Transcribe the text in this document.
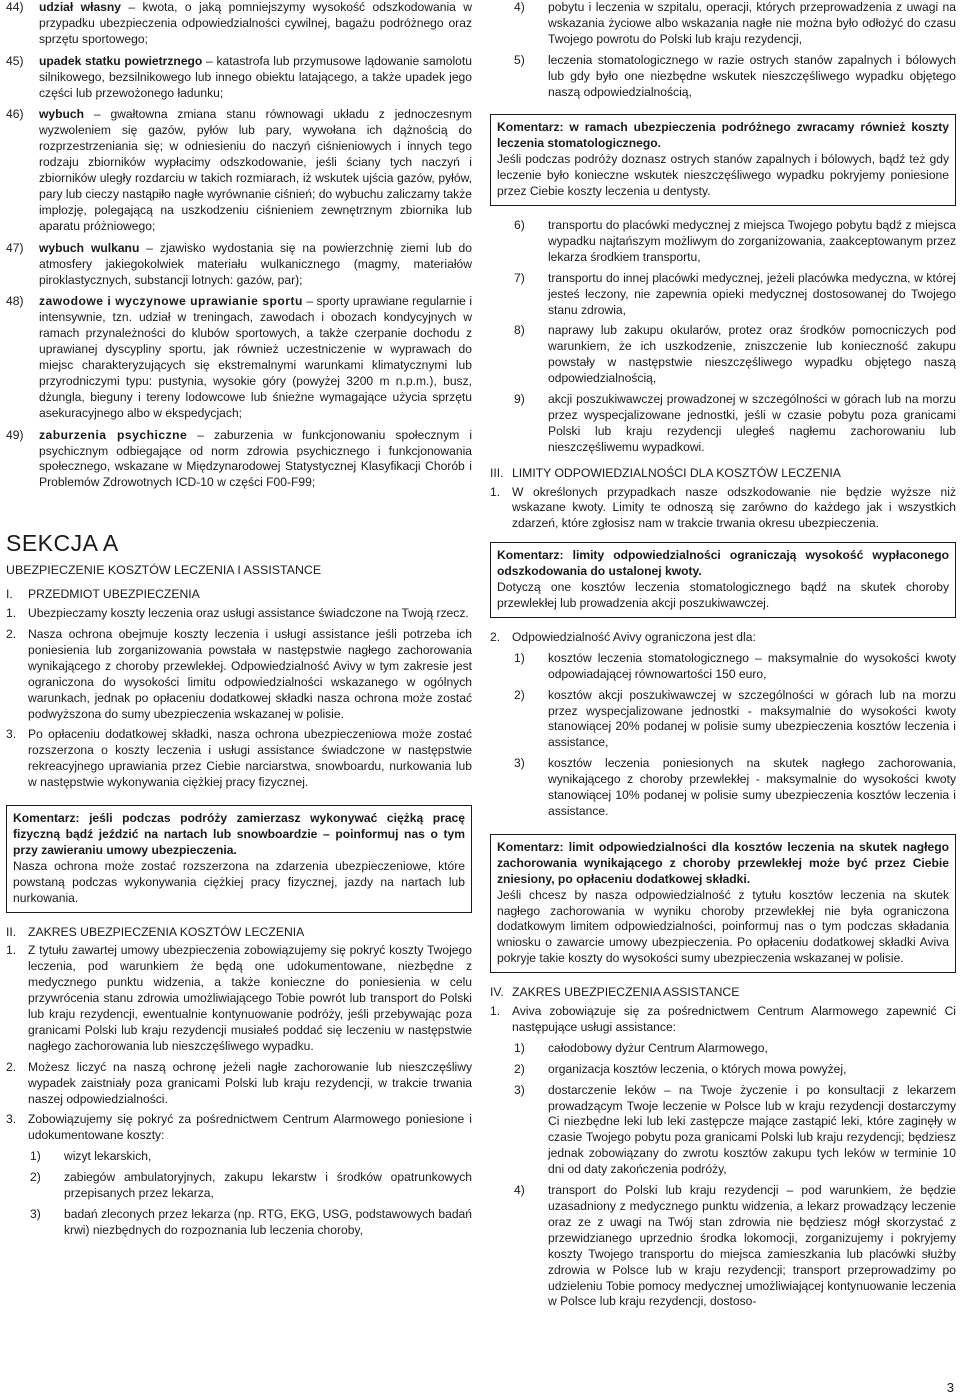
44) udział własny – kwota, o jaką pomniejszymy wysokość odszkodowania w przypadku ubezpieczenia odpowiedzialności cywilnej, bagażu podróżnego oraz sprzętu sportowego;

45) upadek statku powietrznego – katastrofa lub przymusowe lądowanie samolotu silnikowego, bezsilnikowego lub innego obiektu latającego, a także upadek jego części lub przewożonego ładunku;

46) wybuch – gwałtowna zmiana stanu równowagi układu z jednoczesnym wyzwoleniem się gazów, pyłów lub pary, wywołana ich dążnością do rozprzestrzeniania się; w odniesieniu do naczyń ciśnieniowych i innych tego rodzaju zbiorników wypłacimy odszkodowanie, jeśli ściany tych naczyń i zbiorników uległy rozdarciu w takich rozmiarach, iż wskutek ujścia gazów, pyłów, pary lub cieczy nastąpiło nagłe wyrównanie ciśnień; do wybuchu zaliczamy także implozję, polegającą na uszkodzeniu ciśnieniem zewnętrznym zbiornika lub aparatu próżniowego;

47) wybuch wulkanu – zjawisko wydostania się na powierzchnię ziemi lub do atmosfery jakiegokolwiek materiału wulkanicznego (magmy, materiałów piroklastycznych, substancji lotnych: gazów, par);

48) zawodowe i wyczynowe uprawianie sportu – sporty uprawiane regularnie i intensywnie, tzn. udział w treningach, zawodach i obozach kondycyjnych w ramach przynależności do klubów sportowych, a także czerpanie dochodu z uprawianej dyscypliny sportu, jak również uczestniczenie w wyprawach do miejsc charakteryzujących się ekstremalnymi warunkami klimatycznymi lub przyrodniczymi typu: pustynia, wysokie góry (powyżej 3200 m n.p.m.), busz, dżungla, bieguny i tereny lodowcowe lub śnieżne wymagające użycia sprzętu asekuracyjnego albo w ekspedycjach;

49) zaburzenia psychiczne – zaburzenia w funkcjonowaniu społecznym i psychicznym odbiegające od norm zdrowia psychicznego i funkcjonowania społecznego, wskazane w Międzynarodowej Statystycznej Klasyfikacji Chorób i Problemów Zdrowotnych ICD-10 w części F00-F99;

SEKCJA A
UBEZPIECZENIE KOSZTÓW LECZENIA I ASSISTANCE
I. PRZEDMIOT UBEZPIECZENIA
1. Ubezpieczamy koszty leczenia oraz usługi assistance świadczone na Twoją rzecz.

2. Nasza ochrona obejmuje koszty leczenia i usługi assistance jeśli potrzeba ich poniesienia lub zorganizowania powstała w następstwie nagłego zachorowania wynikającego z choroby przewlekłej. Odpowiedzialność Avivy w tym zakresie jest ograniczona do wysokości limitu odpowiedzialności wskazanego w ogólnych warunkach, jednak po opłaceniu dodatkowej składki nasza ochrona może zostać podwyższona do sumy ubezpieczenia wskazanej w polisie.

3. Po opłaceniu dodatkowej składki, nasza ochrona ubezpieczeniowa może zostać rozszerzona o koszty leczenia i usługi assistance świadczone w następstwie rekreacyjnego uprawiania przez Ciebie narciarstwa, snowboardu, nurkowania lub w następstwie wykonywania ciężkiej pracy fizycznej.

Komentarz: jeśli podczas podróży zamierzasz wykonywać ciężką pracę fizyczną bądź jeździć na nartach lub snowboardzie – poinformuj nas o tym przy zawieraniu umowy ubezpieczenia.

Nasza ochrona może zostać rozszerzona na zdarzenia ubezpieczeniowe, które powstaną podczas wykonywania ciężkiej pracy fizycznej, jazdy na nartach lub nurkowania.

II. ZAKRES UBEZPIECZENIA KOSZTÓW LECZENIA
1. Z tytułu zawartej umowy ubezpieczenia zobowiązujemy się pokryć koszty Twojego leczenia, pod warunkiem że będą one udokumentowane, niezbędne z medycznego punktu widzenia, a także konieczne do poniesienia w celu przywrócenia stanu zdrowia umożliwiającego Tobie powrót lub transport do Polski lub kraju rezydencji, ewentualnie kontynuowanie podróży, jeśli przebywając poza granicami Polski lub kraju rezydencji musiałeś poddać się leczeniu w następstwie nagłego zachorowania lub nieszczęśliwego wypadku.

2. Możesz liczyć na naszą ochronę jeżeli nagłe zachorowanie lub nieszczęśliwy wypadek zaistniały poza granicami Polski lub kraju rezydencji, w trakcie trwania naszej odpowiedzialności.

3. Zobowiązujemy się pokryć za pośrednictwem Centrum Alarmowego poniesione i udokumentowane koszty:

1) wizyt lekarskich,

2) zabiegów ambulatoryjnych, zakupu lekarstw i środków opatrunkowych przepisanych przez lekarza,

3) badań zleconych przez lekarza (np. RTG, EKG, USG, podstawowych badań krwi) niezbędnych do rozpoznania lub leczenia choroby,

4) pobytu i leczenia w szpitalu, operacji, których przeprowadzenia z uwagi na wskazania życiowe albo wskazania nagłe nie można było odłożyć do czasu Twojego powrotu do Polski lub kraju rezydencji,

5) leczenia stomatologicznego w razie ostrych stanów zapalnych i bólowych lub gdy było one niezbędne wskutek nieszczęśliwego wypadku objętego naszą odpowiedzialnością,

Komentarz: w ramach ubezpieczenia podróżnego zwracamy również koszty leczenia stomatologicznego.

Jeśli podczas podróży doznasz ostrych stanów zapalnych i bólowych, bądź też gdy leczenie było konieczne wskutek nieszczęśliwego wypadku pokryjemy poniesione przez Ciebie koszty leczenia u dentysty.

6) transportu do placówki medycznej z miejsca Twojego pobytu bądź z miejsca wypadku najtańszym możliwym do zorganizowania, zaakceptowanym przez lekarza środkiem transportu,

7) transportu do innej placówki medycznej, jeżeli placówka medyczna, w której jesteś leczony, nie zapewnia opieki medycznej dostosowanej do Twojego stanu zdrowia,

8) naprawy lub zakupu okularów, protez oraz środków pomocniczych pod warunkiem, że ich uszkodzenie, zniszczenie lub konieczność zakupu powstały w następstwie nieszczęśliwego wypadku objętego naszą odpowiedzialnością,

9) akcji poszukiwawczej prowadzonej w szczególności w górach lub na morzu przez wyspecjalizowane jednostki, jeśli w czasie pobytu poza granicami Polski lub kraju rezydencji uległeś nagłemu zachorowaniu lub nieszczęśliwemu wypadkowi.

III. LIMITY ODPOWIEDZIALNOŚCI DLA KOSZTÓW LECZENIA
1. W określonych przypadkach nasze odszkodowanie nie będzie wyższe niż wskazane kwoty. Limity te odnoszą się zarówno do każdego jak i wszystkich zdarzeń, które zgłosisz nam w trakcie trwania okresu ubezpieczenia.

Komentarz: limity odpowiedzialności ograniczają wysokość wypłaconego odszkodowania do ustalonej kwoty.

Dotyczą one kosztów leczenia stomatologicznego bądź na skutek choroby przewlekłej lub prowadzenia akcji poszukiwawczej.

2. Odpowiedzialność Avivy ograniczona jest dla:

1) kosztów leczenia stomatologicznego – maksymalnie do wysokości kwoty odpowiadającej równowartości 150 euro,

2) kosztów akcji poszukiwawczej w szczególności w górach lub na morzu przez wyspecjalizowane jednostki - maksymalnie do wysokości kwoty stanowiącej 20% podanej w polisie sumy ubezpieczenia kosztów leczenia i assistance,

3) kosztów leczenia poniesionych na skutek nagłego zachorowania, wynikającego z choroby przewlekłej - maksymalnie do wysokości kwoty stanowiącej 10% podanej w polisie sumy ubezpieczenia kosztów leczenia i assistance.

Komentarz: limit odpowiedzialności dla kosztów leczenia na skutek nagłego zachorowania wynikającego z choroby przewlekłej może być przez Ciebie zniesiony, po opłaceniu dodatkowej składki.

Jeśli chcesz by nasza odpowiedzialność z tytułu kosztów leczenia na skutek nagłego zachorowania w wyniku choroby przewlekłej nie była ograniczona dodatkowym limitem odpowiedzialności, poinformuj nas o tym podczas składania wniosku o zawarcie umowy ubezpieczenia. Po opłaceniu dodatkowej składki Aviva pokryje takie koszty do wysokości sumy ubezpieczenia wskazanej w polisie.

IV. ZAKRES UBEZPIECZENIA ASSISTANCE
1. Aviva zobowiązuje się za pośrednictwem Centrum Alarmowego zapewnić Ci następujące usługi assistance:

1) całodobowy dyżur Centrum Alarmowego,

2) organizacja kosztów leczenia, o których mowa powyżej,

3) dostarczenie leków – na Twoje życzenie i po konsultacji z lekarzem prowadzącym Twoje leczenie w Polsce lub w kraju rezydencji dostarczymy Ci niezbędne leki lub leki zastępcze mające zastąpić leki, które zaginęły w czasie Twojego pobytu poza granicami Polski lub kraju rezydencji; będziesz jednak zobowiązany do zwrotu kosztów zakupu tych leków w terminie 10 dni od daty zakończenia podróży,

4) transport do Polski lub kraju rezydencji – pod warunkiem, że będzie uzasadniony z medycznego punktu widzenia, a lekarz prowadzący leczenie oraz ze z uwagi na Twój stan zdrowia nie będziesz mógł skorzystać z przewidzianego uprzednio środka lokomocji, zorganizujemy i pokryjemy koszty Twojego transportu do miejsca zamieszkania lub placówki służby zdrowia w Polsce lub w kraju rezydencji; transport przeprowadzimy po udzieleniu Tobie pomocy medycznej umożliwiającej kontynuowanie leczenia w Polsce lub kraju rezydencji, dostoso-

3
